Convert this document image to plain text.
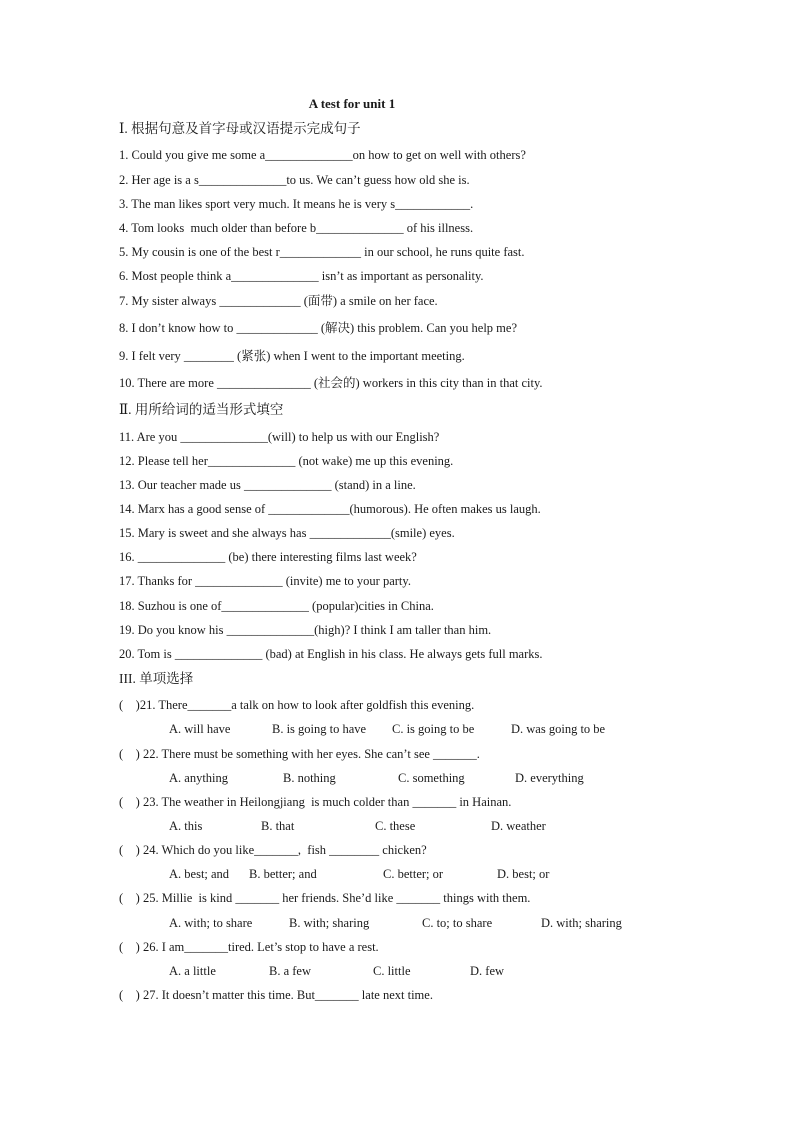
A test for unit 1
Ⅰ. 根据句意及首字母或汉语提示完成句子
1. Could you give me some a______________on how to get on well with others?
2. Her age is a s______________to us. We can’t guess how old she is.
3. The man likes sport very much. It means he is very s____________.
4. Tom looks  much older than before b______________ of his illness.
5. My cousin is one of the best r_____________ in our school, he runs quite fast.
6. Most people think a______________ isn’t as important as personality.
7. My sister always _____________ (面带) a smile on her face.
8. I don’t know how to _____________ (解决) this problem. Can you help me?
9. I felt very ________ (紧张) when I went to the important meeting.
10. There are more _______________ (社会的) workers in this city than in that city.
Ⅱ. 用所给词的适当形式填空
11. Are you ______________(will) to help us with our English?
12. Please tell her______________ (not wake) me up this evening.
13. Our teacher made us ______________ (stand) in a line.
14. Marx has a good sense of _____________(humorous). He often makes us laugh.
15. Mary is sweet and she always has _____________(smile) eyes.
16. ______________ (be) there interesting films last week?
17. Thanks for ______________ (invite) me to your party.
18. Suzhou is one of______________ (popular)cities in China.
19. Do you know his ______________(high)? I think I am taller than him.
20. Tom is ______________ (bad) at English in his class. He always gets full marks.
III. 单项选择
(    )21. There_______a talk on how to look after goldfish this evening.

A. will have

	B. is going to have

C. is going to be

	D. was going to be

(    ) 22. There must be something with her eyes. She can’t see _______.

A. anything

	B. nothing

	C. something

	D. everything

(    ) 23. The weather in Heilongjiang  is much colder than _______ in Hainan.

A. this

	B. that

	C. these

	D. weather

(    ) 24. Which do you like_______,  fish ________ chicken?

A. best; and

B. better; and

	C. better; or

	D. best; or

(    ) 25. Millie  is kind _______ her friends. She’d like _______ things with them.

A. with; to share

	B. with; sharing

	C. to; to share

	D. with; sharing

(    ) 26. I am_______tired. Let’s stop to have a rest.

A. a little

	B. a few

	C. little

	D. few

(    ) 27. It doesn’t matter this time. But_______ late next time.
